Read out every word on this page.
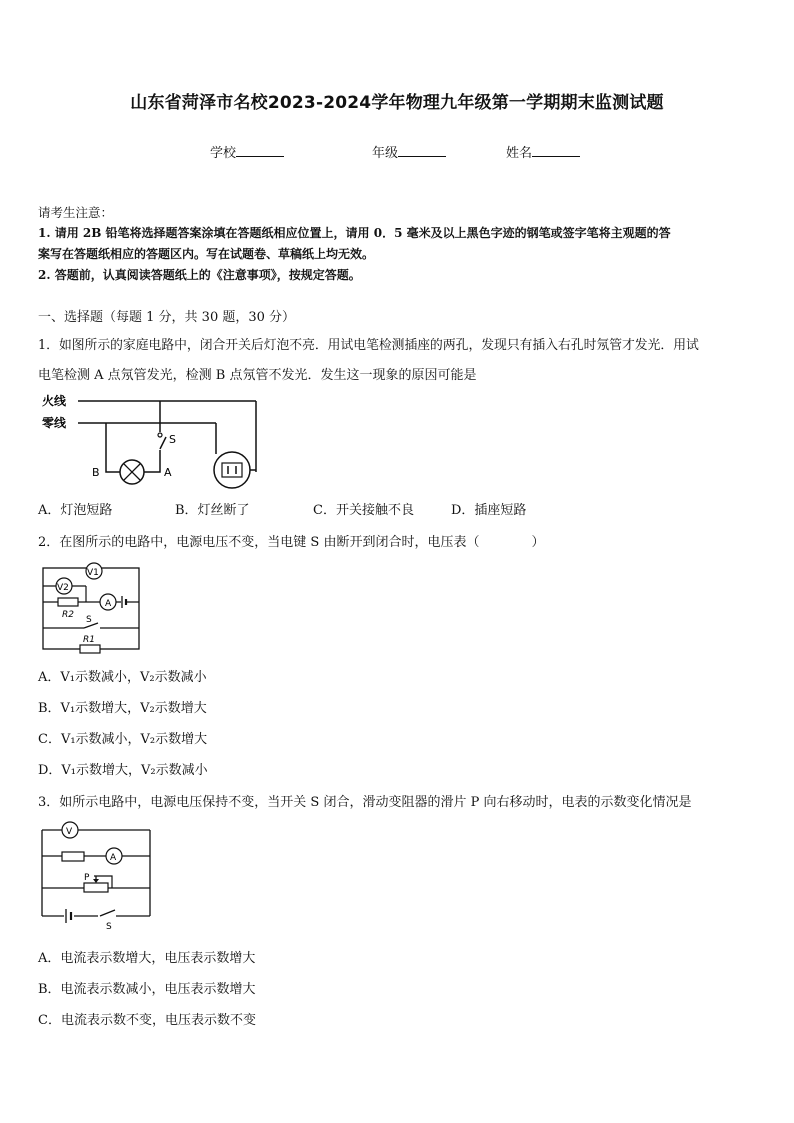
山东省菏泽市名校2023-2024学年物理九年级第一学期期末监测试题
学校	年级	姓名
请考生注意：
1. 请用 2B 铅笔将选择题答案涂填在答题纸相应位置上，请用 0．5 毫米及以上黑色字迹的钢笔或签字笔将主观题的答
案写在答题纸相应的答题区内。写在试题卷、草稿纸上均无效。
2. 答题前，认真阅读答题纸上的《注意事项》，按规定答题。
一、选择题（每题 1 分，共 30 题，30 分）
1．如图所示的家庭电路中，闭合开关后灯泡不亮．用试电笔检测插座的两孔，发现只有插入右孔时氖管才发光．用试
电笔检测 A 点氖管发光，检测 B 点氖管不发光．发生这一现象的原因可能是
火线
零线
S
B	A
A．灯泡短路	B．灯丝断了	C．开关接触不良	D．插座短路
2．在图所示的电路中，电源电压不变，当电键 S 由断开到闭合时，电压表（　　　　）
V1
V2
R2
A
S
R1
A．V₁示数减小，V₂示数减小
B．V₁示数增大，V₂示数增大
C．V₁示数减小，V₂示数增大
D．V₁示数增大，V₂示数减小
3．如所示电路中，电源电压保持不变，当开关 S 闭合，滑动变阻器的滑片 P 向右移动时，电表的示数变化情况是
V
A
P
S
A．电流表示数增大，电压表示数增大
B．电流表示数减小，电压表示数增大
C．电流表示数不变，电压表示数不变
